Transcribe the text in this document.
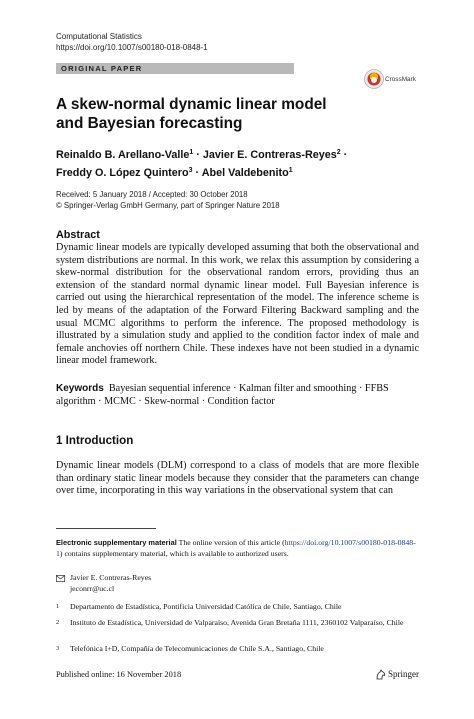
Computational Statistics
https://doi.org/10.1007/s00180-018-0848-1
ORIGINAL PAPER
CrossMark
A skew-normal dynamic linear model and Bayesian forecasting
Reinaldo B. Arellano-Valle$^1$ · Javier E. Contreras-Reyes$^2$ ·
Freddy O. López Quintero$^3$ · Abel Valdebenito$^1$
Received: 5 January 2018 / Accepted: 30 October 2018
© Springer-Verlag GmbH Germany, part of Springer Nature 2018
Abstract
Dynamic linear models are typically developed assuming that both the observational and system distributions are normal. In this work, we relax this assumption by considering a skew-normal distribution for the observational random errors, providing thus an extension of the standard normal dynamic linear model. Full Bayesian inference is carried out using the hierarchical representation of the model. The inference scheme is led by means of the adaptation of the Forward Filtering Backward sampling and the usual MCMC algorithms to perform the inference. The proposed methodology is illustrated by a simulation study and applied to the condition factor index of male and female anchovies off northern Chile. These indexes have not been studied in a dynamic linear model framework.
Keywords Bayesian sequential inference · Kalman filter and smoothing · FFBS algorithm · MCMC · Skew-normal · Condition factor
1 Introduction
Dynamic linear models (DLM) correspond to a class of models that are more flexible than ordinary static linear models because they consider that the parameters can change over time, incorporating in this way variations in the observational system that can
Electronic supplementary material The online version of this article (https://doi.org/10.1007/s00180-018-0848-1) contains supplementary material, which is available to authorized users.
Javier E. Contreras-Reyes
jeconrr@uc.cl
1 Departamento de Estadística, Pontificia Universidad Católica de Chile, Santiago, Chile
2 Instituto de Estadística, Universidad de Valparaíso, Avenida Gran Bretaña 1111, 2360102 Valparaíso, Chile
3 Telefónica I+D, Compañía de Telecomunicaciones de Chile S.A., Santiago, Chile
Published online: 16 November 2018	Springer
